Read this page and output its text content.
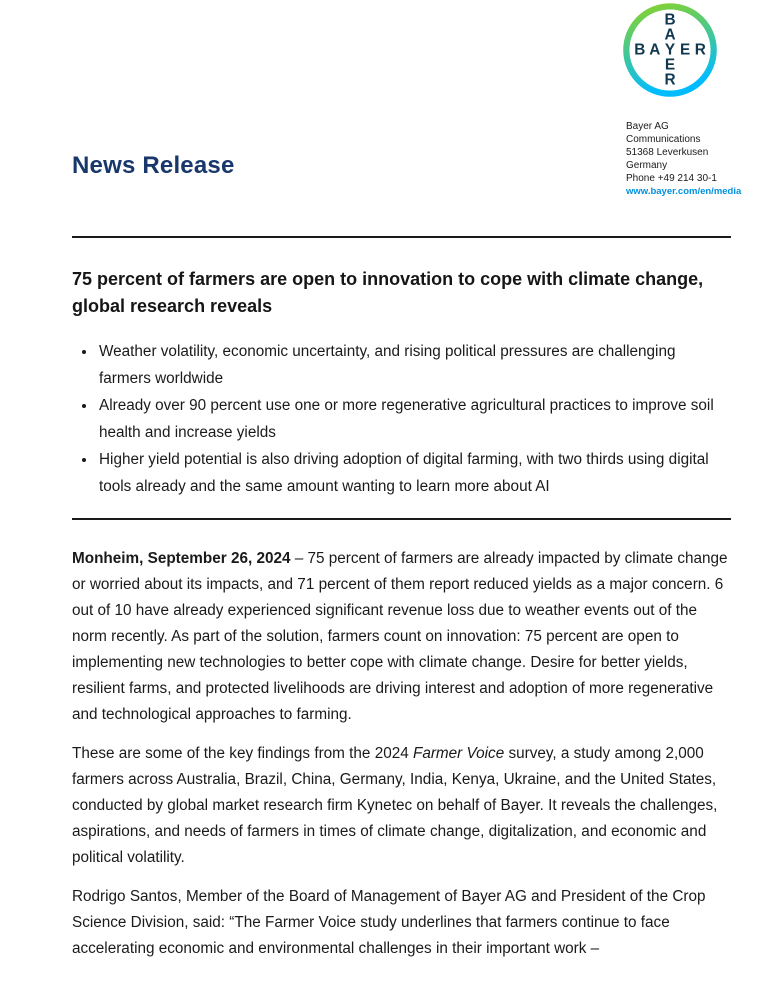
News Release
B A Y E R
B
A
E
R
Bayer AG
Communications
51368 Leverkusen
Germany
Phone +49 214 30-1
www.bayer.com/en/media
75 percent of farmers are open to innovation to cope with climate change, global research reveals
• Weather volatility, economic uncertainty, and rising political pressures are challenging farmers worldwide
• Already over 90 percent use one or more regenerative agricultural practices to improve soil health and increase yields
• Higher yield potential is also driving adoption of digital farming, with two thirds using digital tools already and the same amount wanting to learn more about AI

Monheim, September 26, 2024 – 75 percent of farmers are already impacted by climate change or worried about its impacts, and 71 percent of them report reduced yields as a major concern. 6 out of 10 have already experienced significant revenue loss due to weather events out of the norm recently. As part of the solution, farmers count on innovation: 75 percent are open to implementing new technologies to better cope with climate change. Desire for better yields, resilient farms, and protected livelihoods are driving interest and adoption of more regenerative and technological approaches to farming.

These are some of the key findings from the 2024 Farmer Voice survey, a study among 2,000 farmers across Australia, Brazil, China, Germany, India, Kenya, Ukraine, and the United States, conducted by global market research firm Kynetec on behalf of Bayer. It reveals the challenges, aspirations, and needs of farmers in times of climate change, digitalization, and economic and political volatility.

Rodrigo Santos, Member of the Board of Management of Bayer AG and President of the Crop Science Division, said: “The Farmer Voice study underlines that farmers continue to face accelerating economic and environmental challenges in their important work –
